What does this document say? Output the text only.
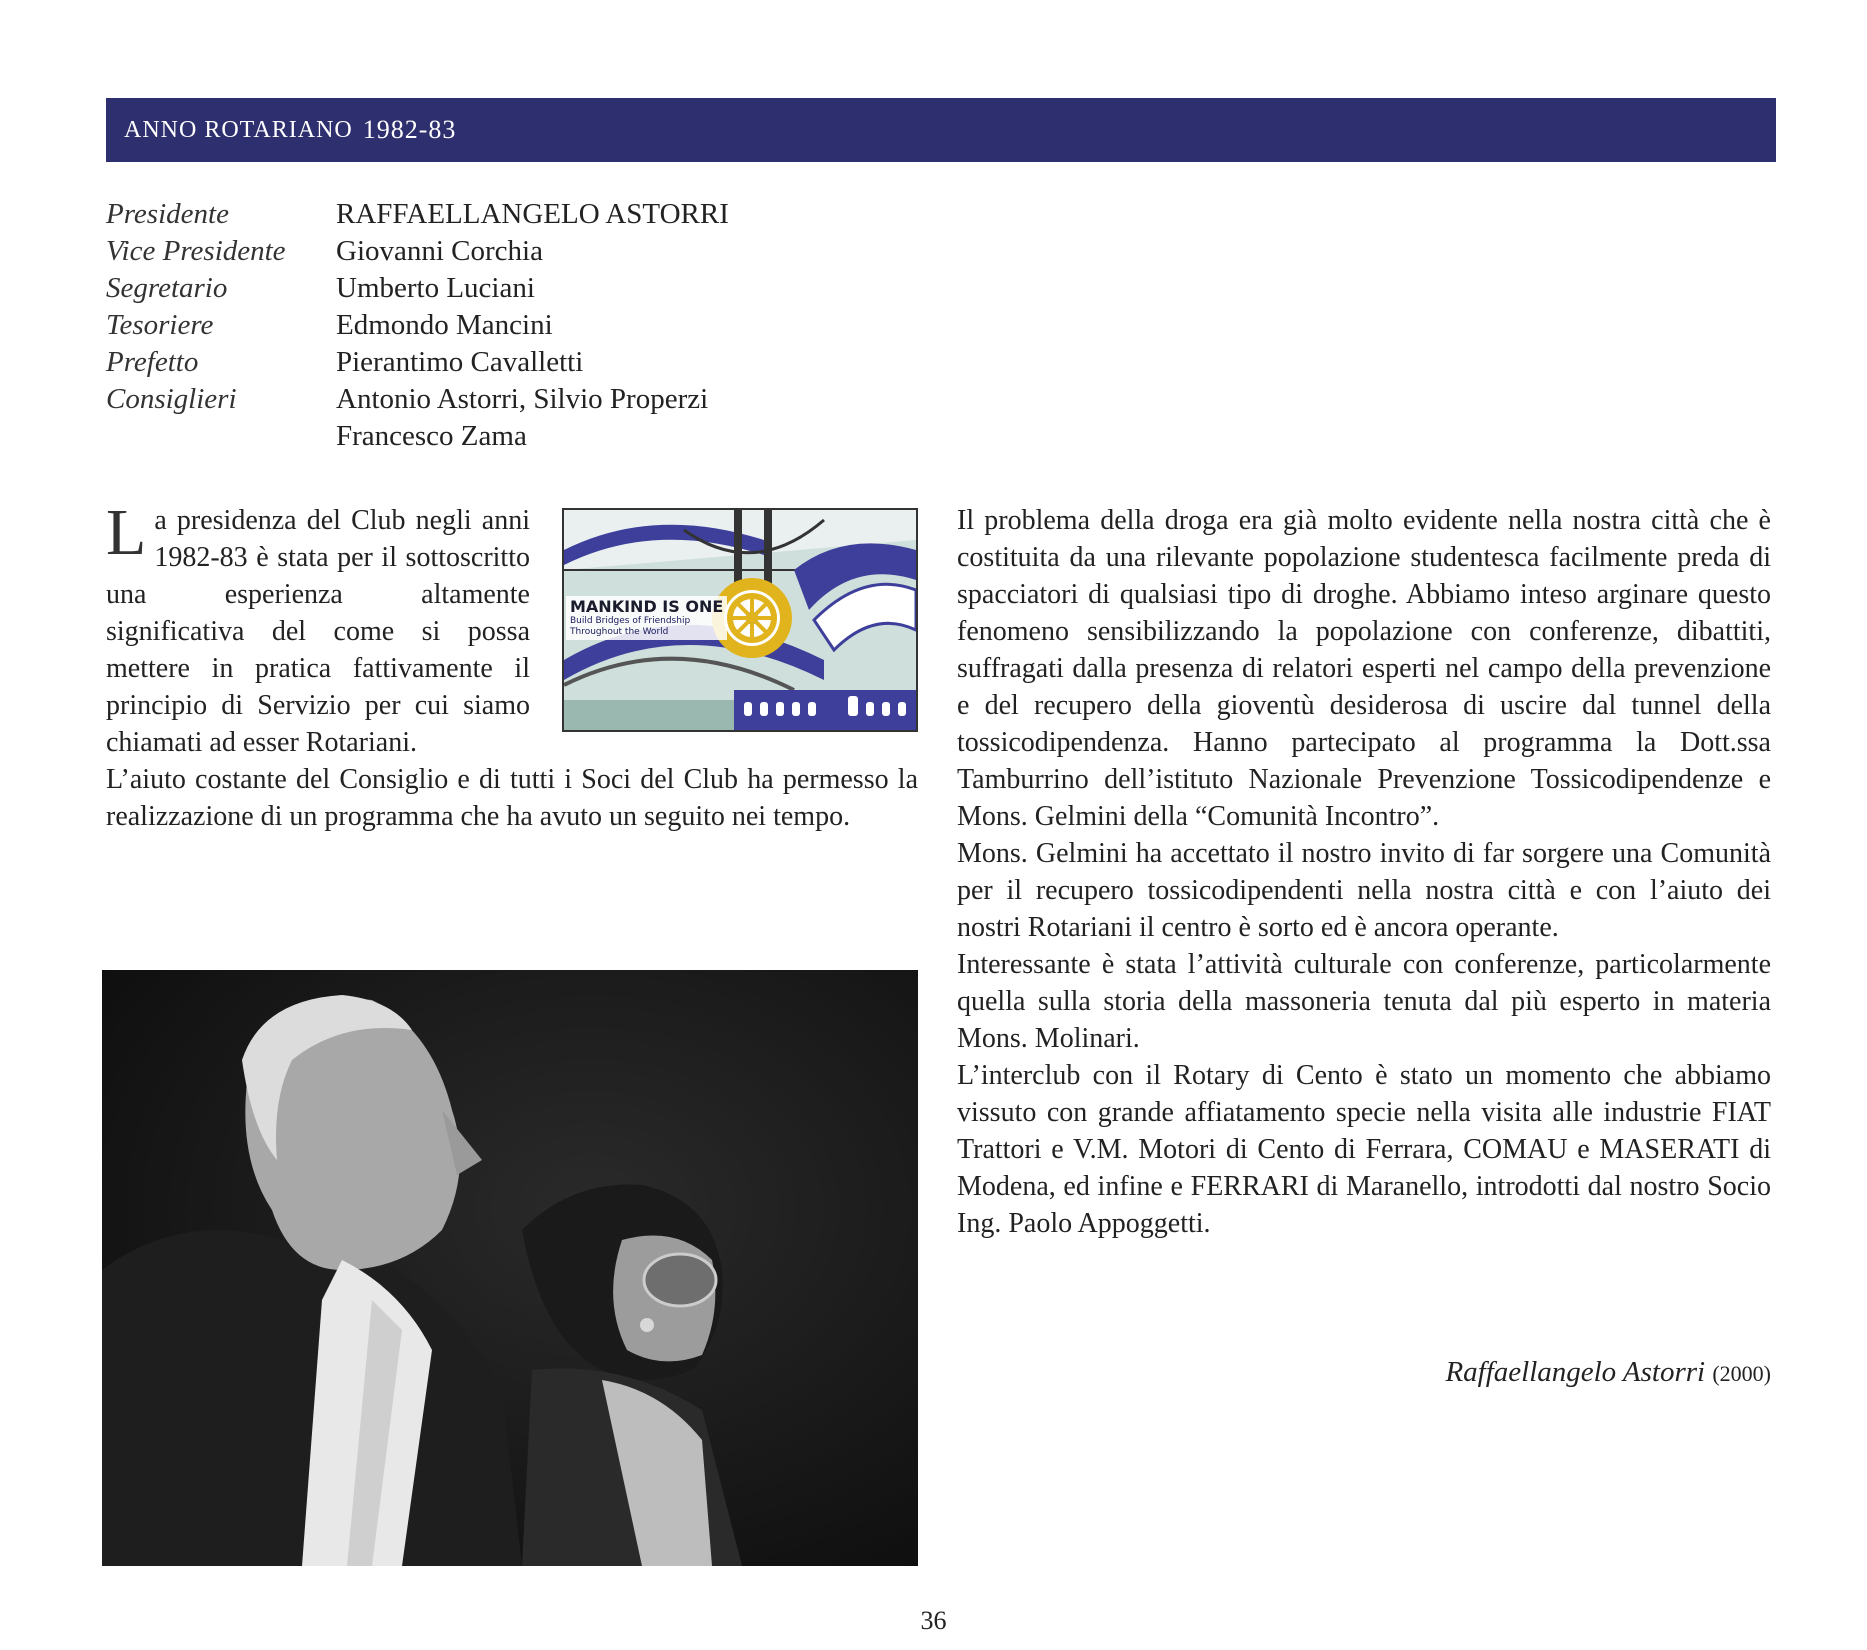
ANNO ROTARIANO 1982-83
Presidente	RAFFAELLANGELO ASTORRI
Vice Presidente	Giovanni Corchia
Segretario	Umberto Luciani
Tesoriere	Edmondo Mancini
Prefetto	Pierantimo Cavalletti
Consiglieri	Antonio Astorri, Silvio Properzi
Francesco Zama
MANKIND IS ONE
Build Bridges of Friendship
Throughout the World

La presidenza del Club negli anni 1982-83 è stata per il sottoscritto una esperienza altamente significativa del come si possa mettere in pratica fattivamente il principio di Servizio per cui siamo chiamati ad esser Rotariani.

L’aiuto costante del Consiglio e di tutti i Soci del Club ha permesso la realizzazione di un programma che ha avuto un seguito nei tempo.

Il problema della droga era già molto evidente nella nostra città che è costituita da una rilevante popolazione studentesca facilmente preda di spacciatori di qualsiasi tipo di droghe. Abbiamo inteso arginare questo fenomeno sensibilizzando la popolazione con conferenze, dibattiti, suffragati dalla presenza di relatori esperti nel campo della prevenzione e del recupero della gioventù desiderosa di uscire dal tunnel della tossicodipendenza. Hanno partecipato al programma la Dott.ssa Tamburrino dell’istituto Nazionale Prevenzione Tossicodipendenze e Mons. Gelmini della “Comunità Incontro”.

Mons. Gelmini ha accettato il nostro invito di far sorgere una Comunità per il recupero tossicodipendenti nella nostra città e con l’aiuto dei nostri Rotariani il centro è sorto ed è ancora operante.

Interessante è stata l’attività culturale con conferenze, particolarmente quella sulla storia della massoneria tenuta dal più esperto in materia Mons. Molinari.

L’interclub con il Rotary di Cento è stato un momento che abbiamo vissuto con grande affiatamento specie nella visita alle industrie FIAT Trattori e V.M. Motori di Cento di Ferrara, COMAU e MASERATI di Modena, ed infine e FERRARI di Maranello, introdotti dal nostro Socio Ing. Paolo Appoggetti.

Raffaellangelo Astorri (2000)
36
